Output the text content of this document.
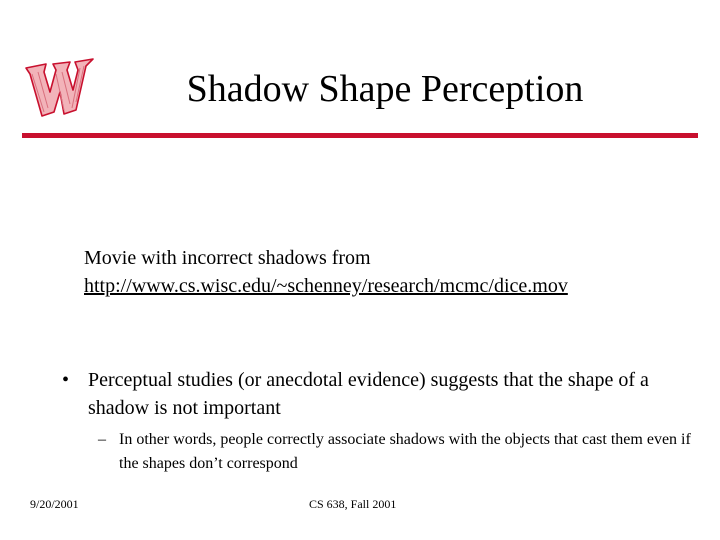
Shadow Shape Perception
Movie with incorrect shadows from
http://www.cs.wisc.edu/~schenney/research/mcmc/dice.mov
• Perceptual studies (or anecdotal evidence) suggests that the shape of a shadow is not important
– In other words, people correctly associate shadows with the objects that cast them even if the shapes don’t correspond
9/20/2001	CS 638, Fall 2001
